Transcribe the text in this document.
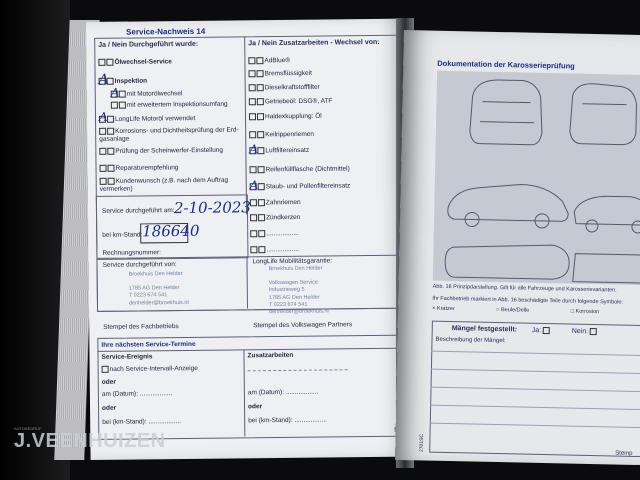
Service-Nachweis 14
Ja / Nein Durchgeführt wurde:	Ja / Nein Zusatzarbeiten - Wechsel von:
Ölwechsel-Service
Inspektion
mit Motorölwechsel
mit erweitertem Inspektionsumfang
LongLife Motoröl verwendet
Korrosions- und Dichtheitsprüfung der Erd-gasanlage
Prüfung der Scheinwerfer-Einstellung
Reparaturempfehlung
Kundenwunsch (z.B. nach dem Auftrag vermerken)
A
A
A
AdBlue®
Bremsflüssigkeit
Dieselkraftstofffilter
Getriebeöl: DSG®, ATF
Haldexkupplung: Öl
Keilrippenriemen
Luftfiltereinsatz
Reifenfüllflasche (Dichtmittel)
Staub- und Pollenfiltereinsatz
Zahnriemen
Zündkerzen
..................
..................
A
A
Service durchgeführt am: 2-10-2023
bei km-Stand: 186640
Rechnungsnummer:
Service durchgeführt von:	LongLife Mobilitätsgarantie:
Broekhuis Den Helder

1785 AG Den Helder
T 0223 674 541
denhelder@broekhuis.nl
Broekhuis Den Helder

Volkswagen Service
Industrieweg 5
1785 AG Den Helder
T 0223 674 541
denhelder@broekhuis.nl
Stempel des Fachbetriebs	Stempel des Volkswagen Partners
Ihre nächsten Service-Termine
Service-Ereignis	Zusatzarbeiten
nach Service-Intervall-Anzeige
oder
am (Datum): ..................
oder
bei (km-Stand): ..................
am (Datum): ..................
oder
bei (km-Stand): ..................
Dokumentation der Karosserieprüfung
Abb. 16 Prinzipdarstellung. Gilt für alle Fahrzeuge und Karosserievarianten.
Ihr Fachbetrieb markiert in Abb. 16 beschädigte Teile durch folgende Symbole:
× Kratzer	○ Beule/Delle	□ Korrosion
Mängel festgestellt: Ja:	Nein:
Beschreibung der Mängel:
2701SC
Stemp
AUTOBEDRIJF
J.VEENHUIZEN
